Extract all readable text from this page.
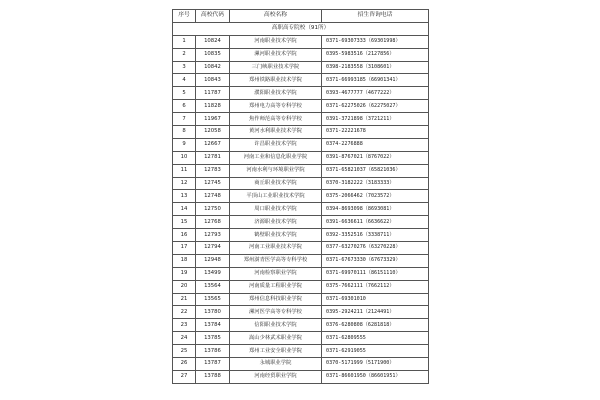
序号	高校代码	高校名称	招生咨询电话
高职高专院校（91所）			
1	10824	河南职业技术学院	0371-69307333（69301998）
2	10835	漯河职业技术学院	0395-5983516（2127856）
3	10842	三门峡职业技术学院	0398-2183558（3108601）
4	10843	郑州铁路职业技术学院	0371-66993185（66901341）
5	11787	濮阳职业技术学院	0393-4677777（4677222）
6	11828	郑州电力高等专科学校	0371-62275026（62275027）
7	11967	焦作师范高等专科学校	0391-3721898（3721211）
8	12058	黄河水利职业技术学院	0371-22221678
9	12667	许昌职业技术学院	0374-2276888
10	12781	河南工业和信息化职业学院	0391-8767021（8767022）
11	12783	河南水利与环境职业学院	0371-65821037（65821036）
12	12745	商丘职业技术学院	0370-3182222（3183333）
13	12748	平顶山工业职业技术学院	0375-2066462（7023572）
14	12750	周口职业技术学院	0394-8693098（8693081）
15	12768	济源职业技术学院	0391-6636611（6636622）
16	12793	鹤壁职业技术学院	0392-3352516（3338711）
17	12794	河南工业职业技术学院	0377-63270276（63270228）
18	12948	郑州澍青医学高等专科学校	0371-67673330（67673329）
19	13499	河南检察职业学院	0371-69970111（86151110）
20	13564	河南质量工程职业学院	0375-7662111（7662112）
21	13565	郑州信息科技职业学院	0371-69301010
22	13780	漯河医学高等专科学校	0395-2924211（2124491）
23	13784	信阳职业技术学院	0376-6280808（6281818）
24	13785	嵩山少林武术职业学院	0371-62809555
25	13786	郑州工业安全职业学院	0371-62919055
26	13787	永城职业学院	0370-5171999（5171900）
27	13788	河南经贸职业学院	0371-86601950（86601951）
